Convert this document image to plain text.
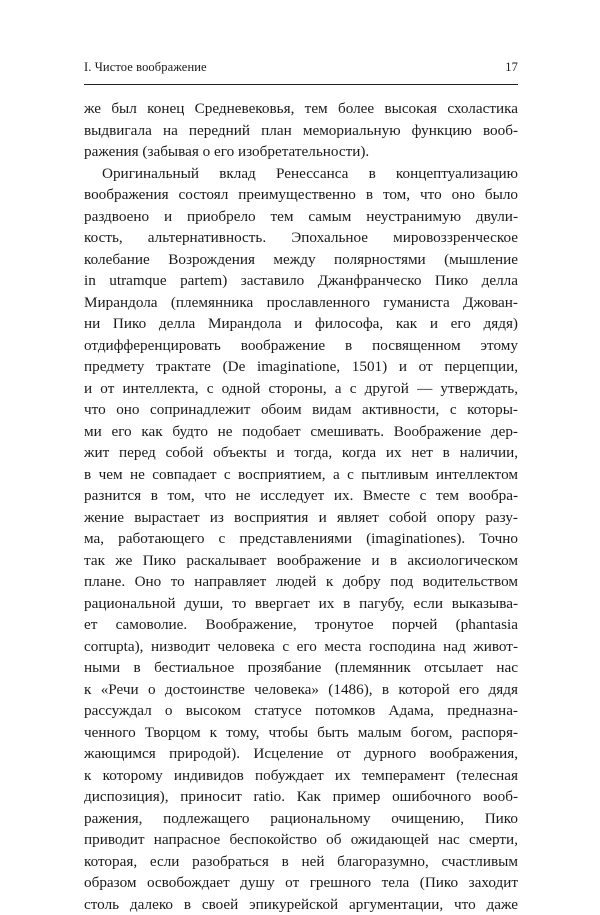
I. Чистое воображение	17
же был конец Средневековья, тем более высокая схоластика
выдвигала на передний план мемориальную функцию вооб-
ражения (забывая о его изобретательности).
Оригинальный вклад Ренессанса в концептуализацию
воображения состоял преимущественно в том, что оно было
раздвоено и приобрело тем самым неустранимую двули-
кость, альтернативность. Эпохальное мировоззренческое
колебание Возрождения между полярностями (мышление
in utramque partem) заставило Джанфранческо Пико делла
Мирандола (племянника прославленного гуманиста Джован-
ни Пико делла Мирандола и философа, как и его дядя)
отдифференцировать воображение в посвященном этому
предмету трактате (De imaginatione, 1501) и от перцепции,
и от интеллекта, с одной стороны, а с другой — утверждать,
что оно сопринадлежит обоим видам активности, с которы-
ми его как будто не подобает смешивать. Воображение дер-
жит перед собой объекты и тогда, когда их нет в наличии,
в чем не совпадает с восприятием, а с пытливым интеллектом
разнится в том, что не исследует их. Вместе с тем вообра-
жение вырастает из восприятия и являет собой опору разу-
ма, работающего с представлениями (imaginationes). Точно
так же Пико раскалывает воображение и в аксиологическом
плане. Оно то направляет людей к добру под водительством
рациональной души, то ввергает их в пагубу, если выказыва-
ет самоволие. Воображение, тронутое порчей (phantasia
corrupta), низводит человека с его места господина над живот-
ными в бестиальное прозябание (племянник отсылает нас
к «Речи о достоинстве человека» (1486), в которой его дядя
рассуждал о высоком статусе потомков Адама, предназна-
ченного Творцом к тому, чтобы быть малым богом, распоря-
жающимся природой). Исцеление от дурного воображения,
к которому индивидов побуждает их темперамент (телесная
диспозиция), приносит ratio. Как пример ошибочного вооб-
ражения, подлежащего рациональному очищению, Пико
приводит напрасное беспокойство об ожидающей нас смерти,
которая, если разобраться в ней благоразумно, счастливым
образом освобождает душу от грешного тела (Пико заходит
столь далеко в своей эпикурейской аргументации, что даже
